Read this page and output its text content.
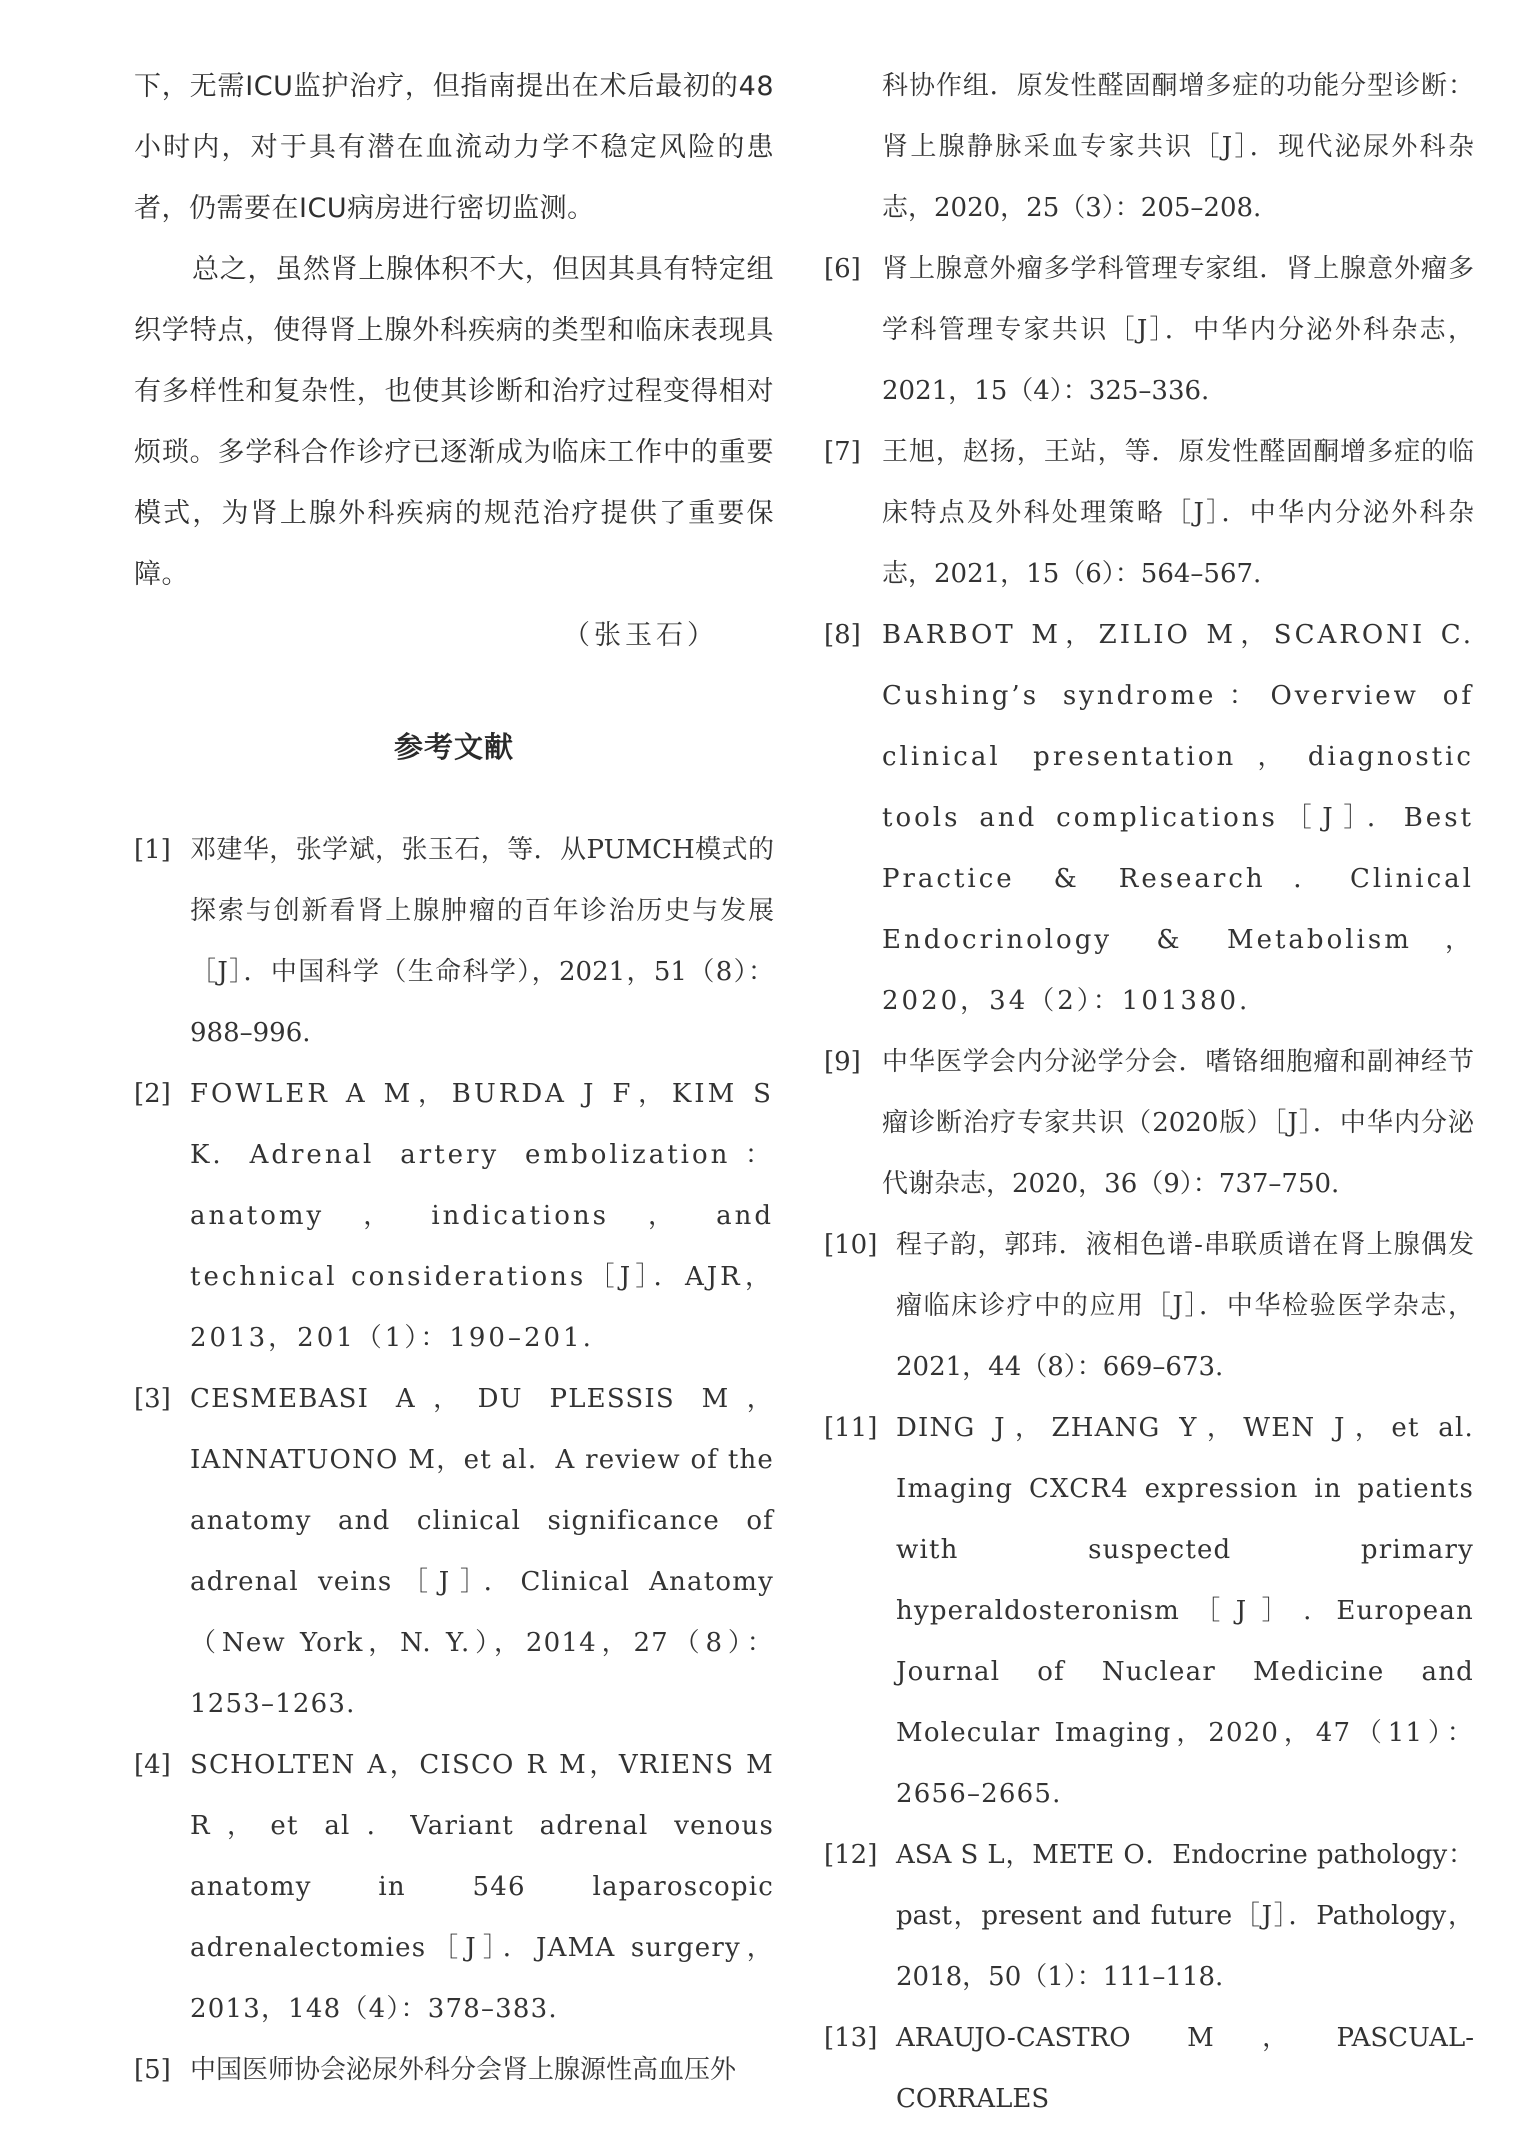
下，无需ICU监护治疗，但指南提出在术后最初的48小时内，对于具有潜在血流动力学不稳定风险的患者，仍需要在ICU病房进行密切监测。

总之，虽然肾上腺体积不大，但因其具有特定组织学特点，使得肾上腺外科疾病的类型和临床表现具有多样性和复杂性，也使其诊断和治疗过程变得相对烦琐。多学科合作诊疗已逐渐成为临床工作中的重要模式，为肾上腺外科疾病的规范治疗提供了重要保障。

（张玉石）

参考文献

[1] 邓建华，张学斌，张玉石，等．从PUMCH模式的探索与创新看肾上腺肿瘤的百年诊治历史与发展［J］．中国科学（生命科学），2021，51（8）：988–996.

[2] FOWLER A M，BURDA J F，KIM S K. Adrenal artery embolization：anatomy，indications，and technical considerations［J］．AJR，2013，201（1）：190–201.

[3] CESMEBASI A，DU PLESSIS M，IANNATUONO M，et al．A review of the anatomy and clinical significance of adrenal veins［J］．Clinical Anatomy（New York，N. Y.），2014，27（8）：1253–1263.

[4] SCHOLTEN A，CISCO R M，VRIENS M R，et al．Variant adrenal venous anatomy in 546 laparoscopic adrenalectomies［J］．JAMA surgery，2013，148（4）：378–383.

[5] 中国医师协会泌尿外科分会肾上腺源性高血压外

科协作组．原发性醛固酮增多症的功能分型诊断：肾上腺静脉采血专家共识［J］．现代泌尿外科杂志，2020，25（3）：205–208.

[6] 肾上腺意外瘤多学科管理专家组．肾上腺意外瘤多学科管理专家共识［J］．中华内分泌外科杂志，2021，15（4）：325–336.

[7] 王旭，赵扬，王站，等．原发性醛固酮增多症的临床特点及外科处理策略［J］．中华内分泌外科杂志，2021，15（6）：564–567.

[8] BARBOT M，ZILIO M，SCARONI C. Cushing’s syndrome：Overview of clinical presentation，diagnostic tools and complications［J］．Best Practice & Research．Clinical Endocrinology & Metabolism，2020，34（2）：101380.

[9] 中华医学会内分泌学分会．嗜铬细胞瘤和副神经节瘤诊断治疗专家共识（2020版）［J］．中华内分泌代谢杂志，2020，36（9）：737–750.

[10] 程子韵，郭玮．液相色谱-串联质谱在肾上腺偶发瘤临床诊疗中的应用［J］．中华检验医学杂志，2021，44（8）：669–673.

[11] DING J，ZHANG Y，WEN J，et al. Imaging CXCR4 expression in patients with suspected primary hyperaldosteronism［J］. European Journal of Nuclear Medicine and Molecular Imaging，2020，47（11）：2656–2665.

[12] ASA S L，METE O．Endocrine pathology：past，present and future［J］．Pathology，2018，50（1）：111–118.

[13] ARAUJO-CASTRO M，PASCUAL-CORRALES
